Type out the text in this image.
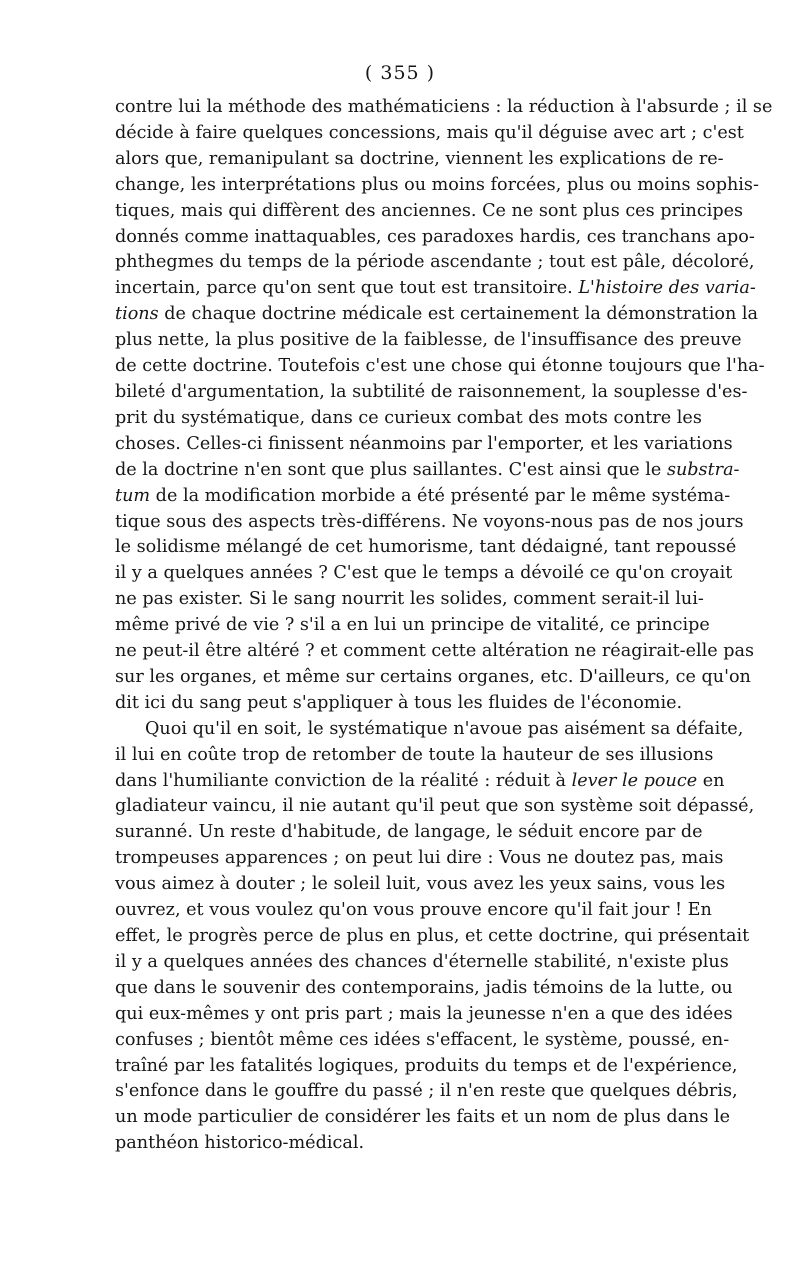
( 355 )

contre lui la méthode des mathématiciens : la réduction à l'absurde ; il se
décide à faire quelques concessions, mais qu'il déguise avec art ; c'est
alors que, remanipulant sa doctrine, viennent les explications de re-
change, les interprétations plus ou moins forcées, plus ou moins sophis-
tiques, mais qui diffèrent des anciennes. Ce ne sont plus ces principes
donnés comme inattaquables, ces paradoxes hardis, ces tranchans apo-
phthegmes du temps de la période ascendante ; tout est pâle, décoloré,
incertain, parce qu'on sent que tout est transitoire. L'histoire des varia-
tions de chaque doctrine médicale est certainement la démonstration la
plus nette, la plus positive de la faiblesse, de l'insuffisance des preuve
de cette doctrine. Toutefois c'est une chose qui étonne toujours que l'ha-
bileté d'argumentation, la subtilité de raisonnement, la souplesse d'es-
prit du systématique, dans ce curieux combat des mots contre les
choses. Celles-ci finissent néanmoins par l'emporter, et les variations
de la doctrine n'en sont que plus saillantes. C'est ainsi que le substra-
tum de la modification morbide a été présenté par le même systéma-
tique sous des aspects très-différens. Ne voyons-nous pas de nos jours
le solidisme mélangé de cet humorisme, tant dédaigné, tant repoussé
il y a quelques années ? C'est que le temps a dévoilé ce qu'on croyait
ne pas exister. Si le sang nourrit les solides, comment serait-il lui-
même privé de vie ? s'il a en lui un principe de vitalité, ce principe
ne peut-il être altéré ? et comment cette altération ne réagirait-elle pas
sur les organes, et même sur certains organes, etc. D'ailleurs, ce qu'on
dit ici du sang peut s'appliquer à tous les fluides de l'économie.

Quoi qu'il en soit, le systématique n'avoue pas aisément sa défaite,
il lui en coûte trop de retomber de toute la hauteur de ses illusions
dans l'humiliante conviction de la réalité : réduit à lever le pouce en
gladiateur vaincu, il nie autant qu'il peut que son système soit dépassé,
suranné. Un reste d'habitude, de langage, le séduit encore par de
trompeuses apparences ; on peut lui dire : Vous ne doutez pas, mais
vous aimez à douter ; le soleil luit, vous avez les yeux sains, vous les
ouvrez, et vous voulez qu'on vous prouve encore qu'il fait jour ! En
effet, le progrès perce de plus en plus, et cette doctrine, qui présentait
il y a quelques années des chances d'éternelle stabilité, n'existe plus
que dans le souvenir des contemporains, jadis témoins de la lutte, ou
qui eux-mêmes y ont pris part ; mais la jeunesse n'en a que des idées
confuses ; bientôt même ces idées s'effacent, le système, poussé, en-
traîné par les fatalités logiques, produits du temps et de l'expérience,
s'enfonce dans le gouffre du passé ; il n'en reste que quelques débris,
un mode particulier de considérer les faits et un nom de plus dans le
panthéon historico-médical.
